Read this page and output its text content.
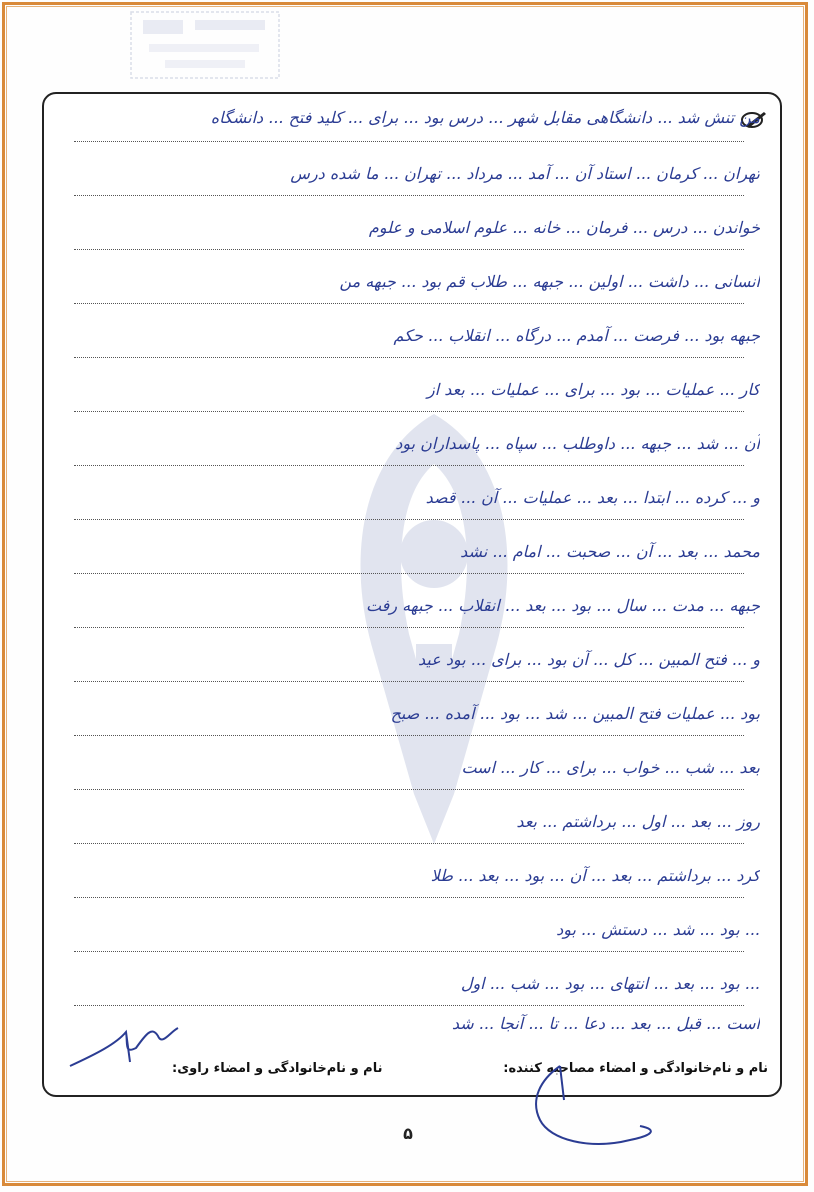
◆
من تنش شد ... دانشگاهی مقابل شهر ... درس بود ... برای ... کلید فتح ... دانشگاه
تهران ... کرمان ... استاد آن ... آمد ... مرداد ... تهران ... ما شده درس
خواندن ... درس ... فرمان ... خانه ... علوم اسلامی و علوم
انسانی ... داشت ... اولین ... جبهه ... طلاب قم بود ... جبهه من
جبهه بود ... فرصت ... آمدم ... درگاه ... انقلاب ... حکم
کار ... عملیات ... بود ... برای ... عملیات ... بعد از
آن ... شد ... جبهه ... داوطلب ... سپاه ... پاسداران بود
و ... کرده ... ابتدا ... بعد ... عملیات ... آن ... قصد
محمد ... بعد ... آن ... صحبت ... امام ... نشد
جبهه ... مدت ... سال ... بود ... بعد ... انقلاب ... جبهه رفت
و ... فتح المبین ... کل ... آن بود ... برای ... بود عید
بود ... عملیات فتح المبین ... شد ... بود ... آمده ... صبح
بعد ... شب ... خواب ... برای ... کار ... است
روز ... بعد ... اول ... برداشتم ... بعد
کرد ... برداشتم ... بعد ... آن ... بود ... بعد ... طلا
... بود ... شد ... دستش ... بود
... بود ... بعد ... انتهای ... بود ... شب ... اول
است ... قبل ... بعد ... دعا ... تا ... آنجا ... شد
نام و نام‌خانوادگی و امضاء مصاحبه کننده:
نام و نام‌خانوادگی و امضاء راوی:
۵
